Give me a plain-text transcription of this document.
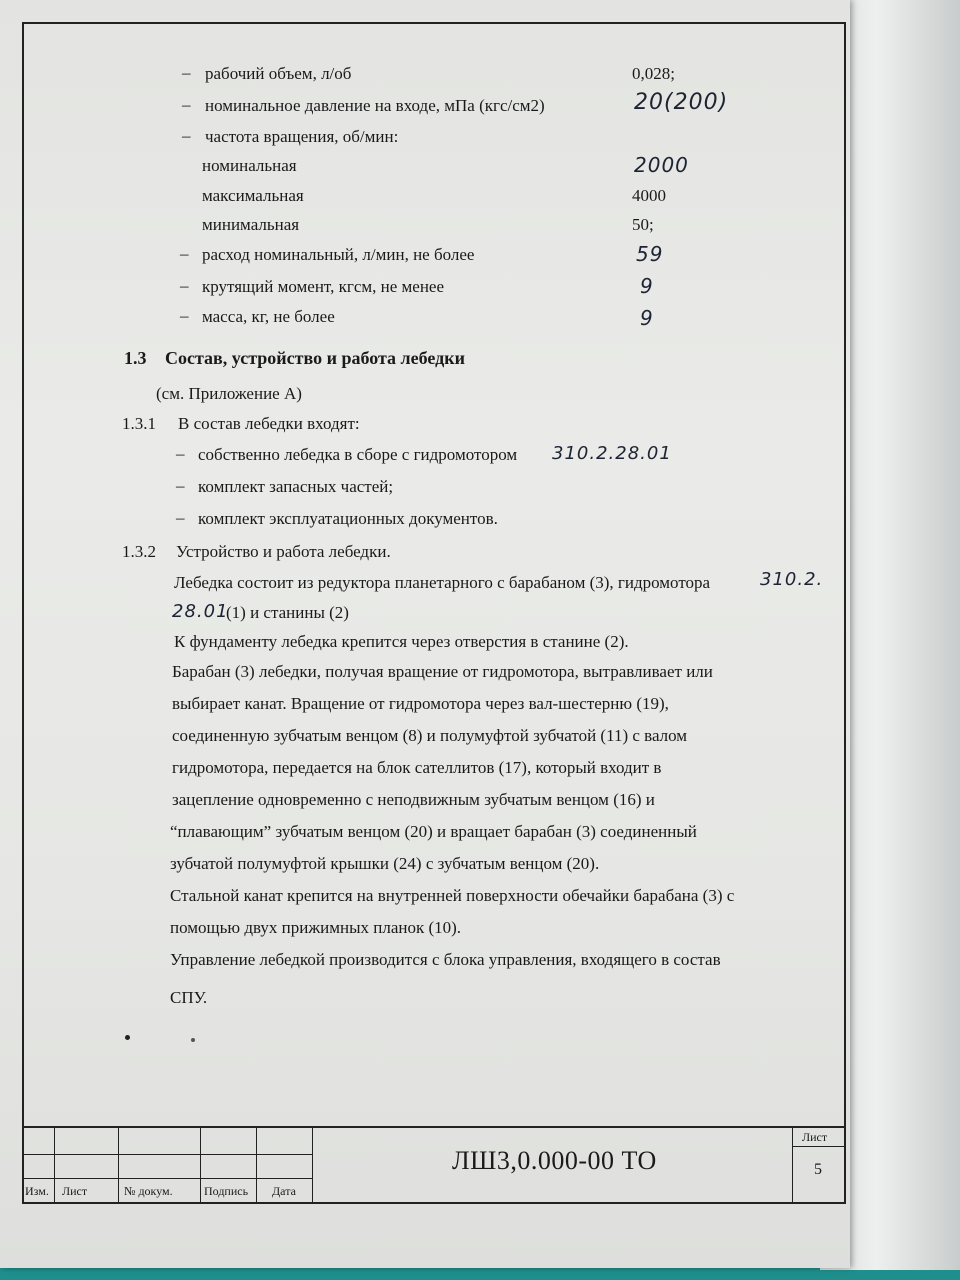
– рабочий объем, л/об	0,028;
– номинальное давление на входе, мПа (кгс/см2)	20(200)
– частота вращения, об/мин:
номинальная	2000
максимальная	4000
минимальная	50;
– расход номинальный, л/мин, не более	59
– крутящий момент, кгсм, не менее	9
– масса, кг, не более	9
1.3 Состав, устройство и работа лебедки
(см. Приложение А)
1.3.1 В состав лебедки входят:
– собственно лебедка в сборе с гидромотором 310.2.28.01
– комплект запасных частей;
– комплект эксплуатационных документов.
1.3.2 Устройство и работа лебедки.
Лебедка состоит из редуктора планетарного с барабаном (3), гидромотора	310.2.
28.01
(1) и станины (2)
К фундаменту лебедка крепится через отверстия в станине (2).
Барабан (3) лебедки, получая вращение от гидромотора, вытравливает или
выбирает канат. Вращение от гидромотора через вал-шестерню (19),
соединенную зубчатым венцом (8) и полумуфтой зубчатой (11) с валом
гидромотора, передается на блок сателлитов (17), который входит в
зацепление одновременно с неподвижным зубчатым венцом (16) и
“плавающим” зубчатым венцом (20) и вращает барабан (3) соединенный
зубчатой полумуфтой крышки (24) с зубчатым венцом (20).
Стальной канат крепится на внутренней поверхности обечайки барабана (3) с
помощью двух прижимных планок (10).
Управление лебедкой производится с блока управления, входящего в состав
СПУ.
Изм. Лист	№ докум.	Подпись Дата
ЛШ3,0.000-00 ТО
Лист
5
